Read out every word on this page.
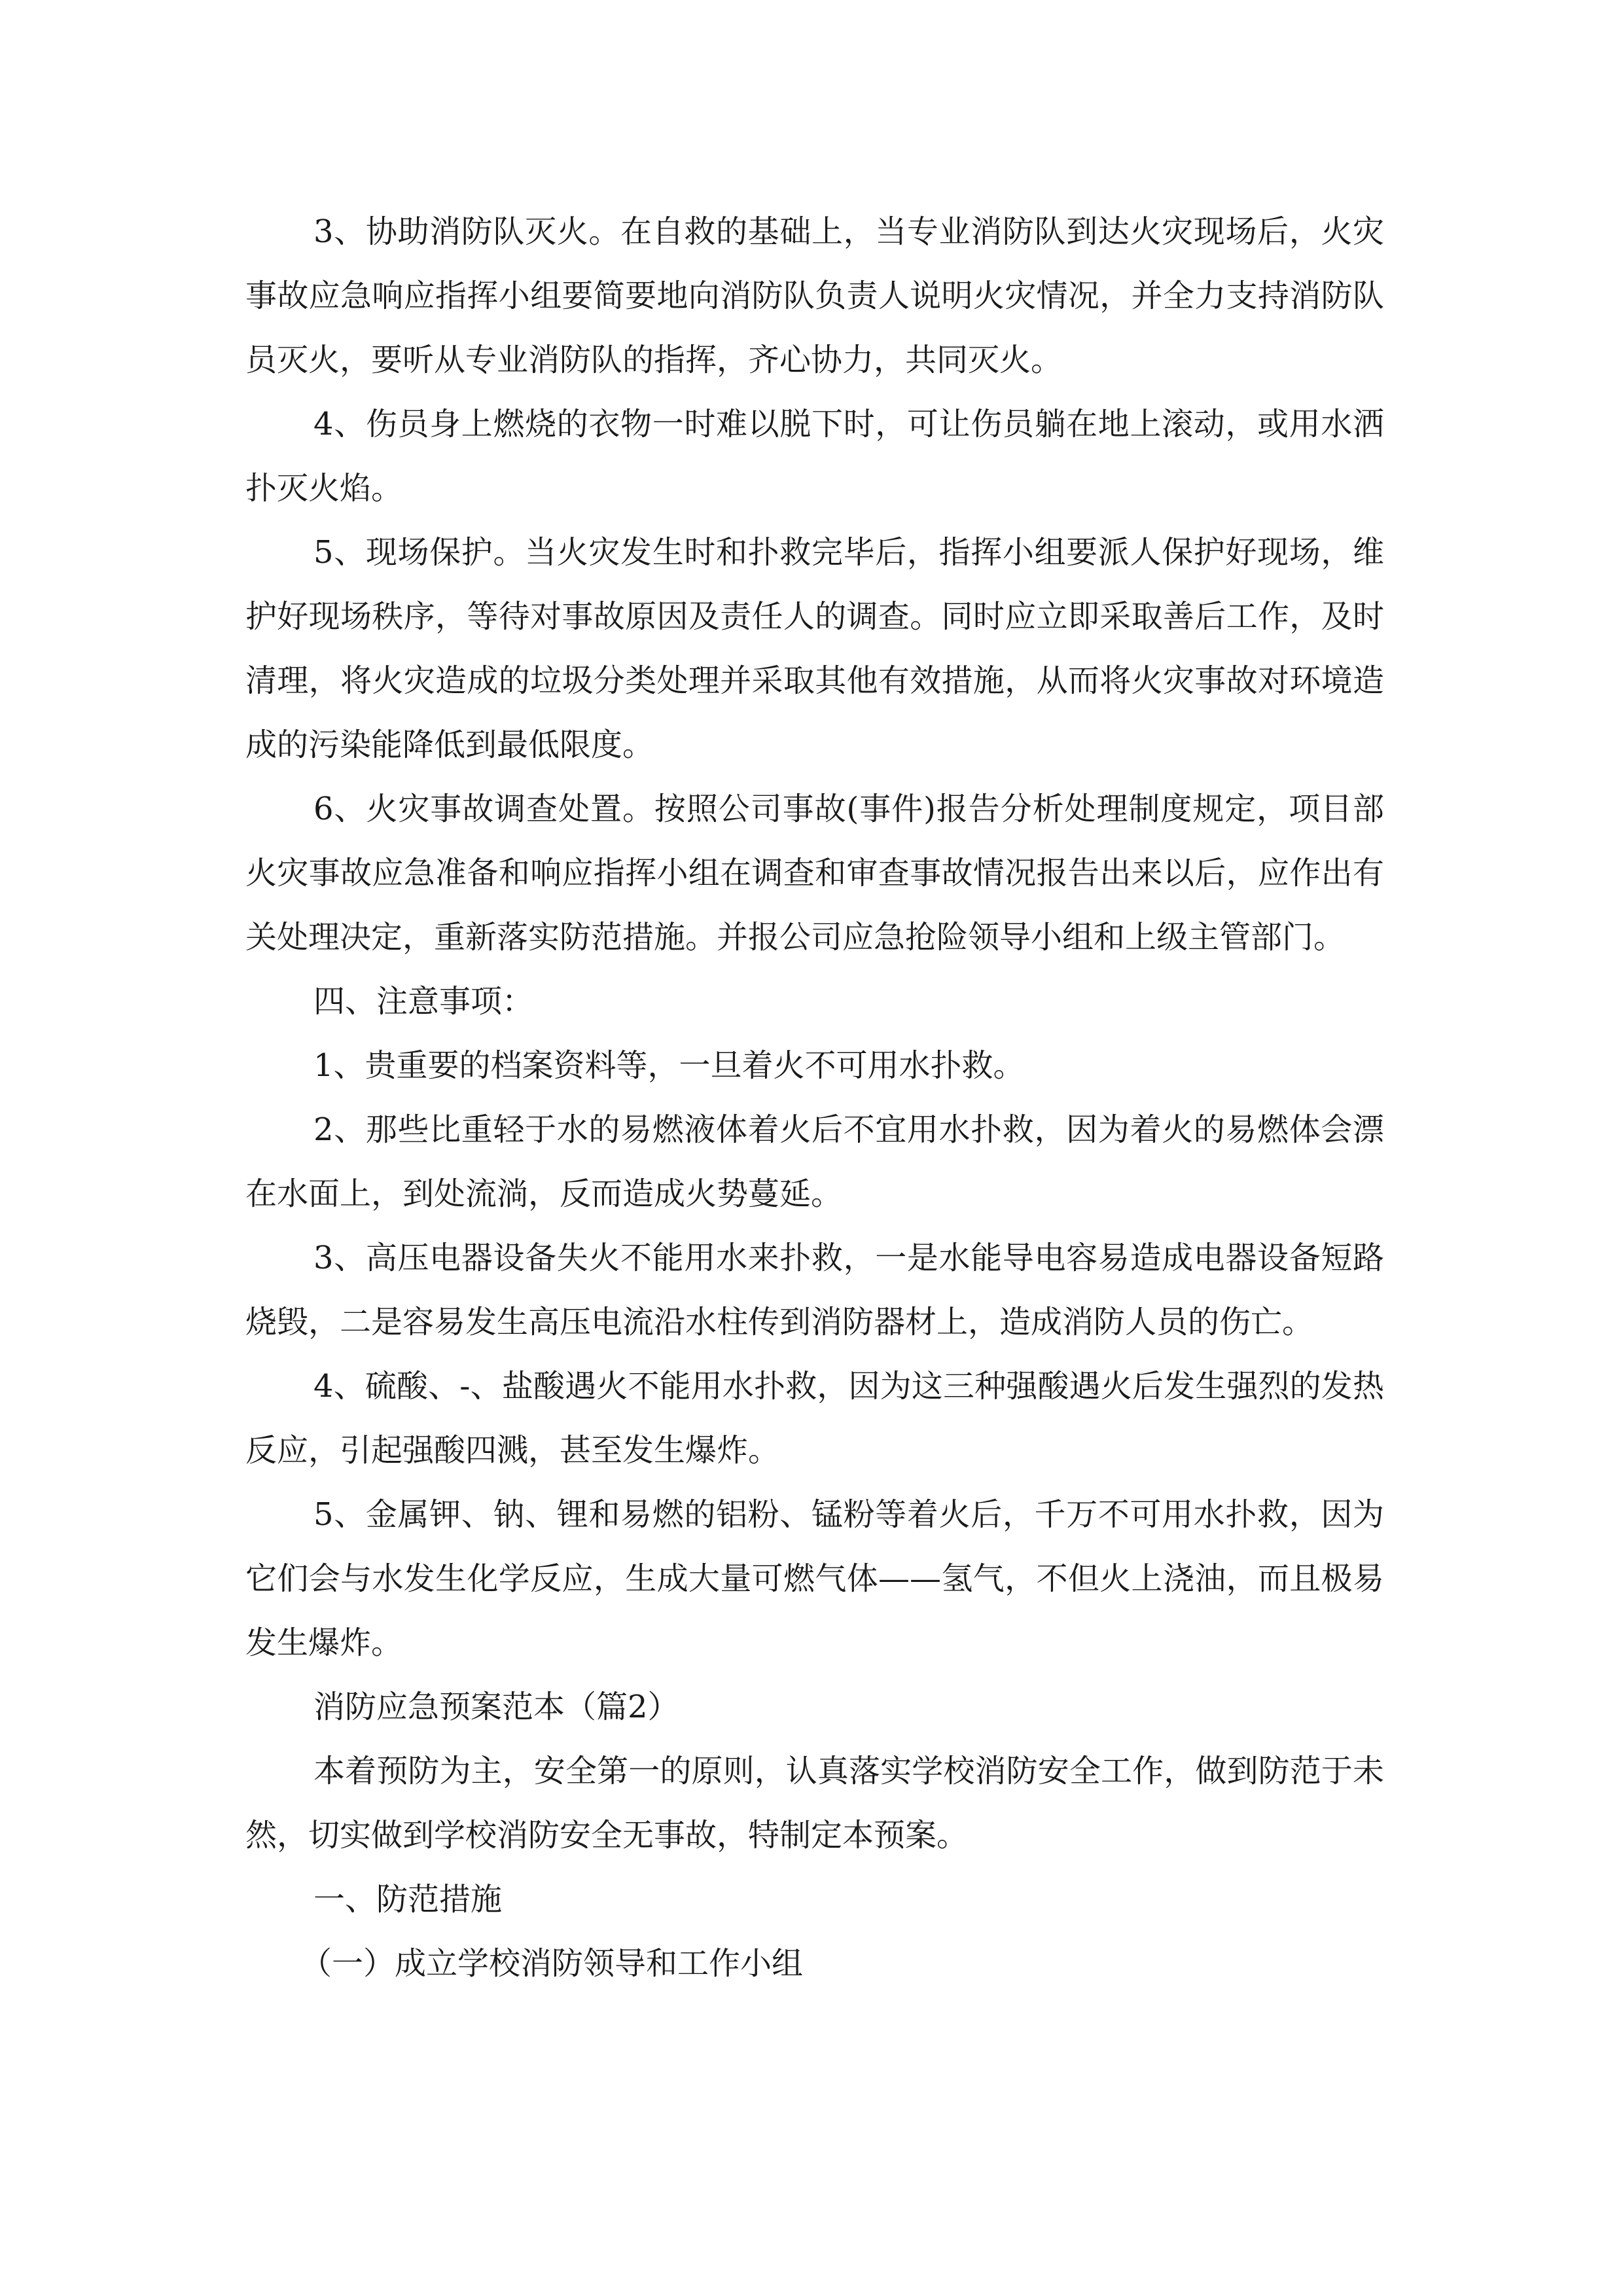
3、协助消防队灭火。在自救的基础上，当专业消防队到达火灾现场后，火灾事故应急响应指挥小组要简要地向消防队负责人说明火灾情况，并全力支持消防队员灭火，要听从专业消防队的指挥，齐心协力，共同灭火。

4、伤员身上燃烧的衣物一时难以脱下时，可让伤员躺在地上滚动，或用水洒扑灭火焰。

5、现场保护。当火灾发生时和扑救完毕后，指挥小组要派人保护好现场，维护好现场秩序，等待对事故原因及责任人的调查。同时应立即采取善后工作，及时清理，将火灾造成的垃圾分类处理并采取其他有效措施，从而将火灾事故对环境造成的污染能降低到最低限度。

6、火灾事故调查处置。按照公司事故(事件)报告分析处理制度规定，项目部火灾事故应急准备和响应指挥小组在调查和审查事故情况报告出来以后，应作出有关处理决定，重新落实防范措施。并报公司应急抢险领导小组和上级主管部门。

四、注意事项：

1、贵重要的档案资料等，一旦着火不可用水扑救。

2、那些比重轻于水的易燃液体着火后不宜用水扑救，因为着火的易燃体会漂在水面上，到处流淌，反而造成火势蔓延。

3、高压电器设备失火不能用水来扑救，一是水能导电容易造成电器设备短路烧毁，二是容易发生高压电流沿水柱传到消防器材上，造成消防人员的伤亡。

4、硫酸、-、盐酸遇火不能用水扑救，因为这三种强酸遇火后发生强烈的发热反应，引起强酸四溅，甚至发生爆炸。

5、金属钾、钠、锂和易燃的铝粉、锰粉等着火后，千万不可用水扑救，因为它们会与水发生化学反应，生成大量可燃气体——氢气，不但火上浇油，而且极易发生爆炸。

消防应急预案范本（篇2）

本着预防为主，安全第一的原则，认真落实学校消防安全工作，做到防范于未然，切实做到学校消防安全无事故，特制定本预案。

一、防范措施

（一）成立学校消防领导和工作小组
